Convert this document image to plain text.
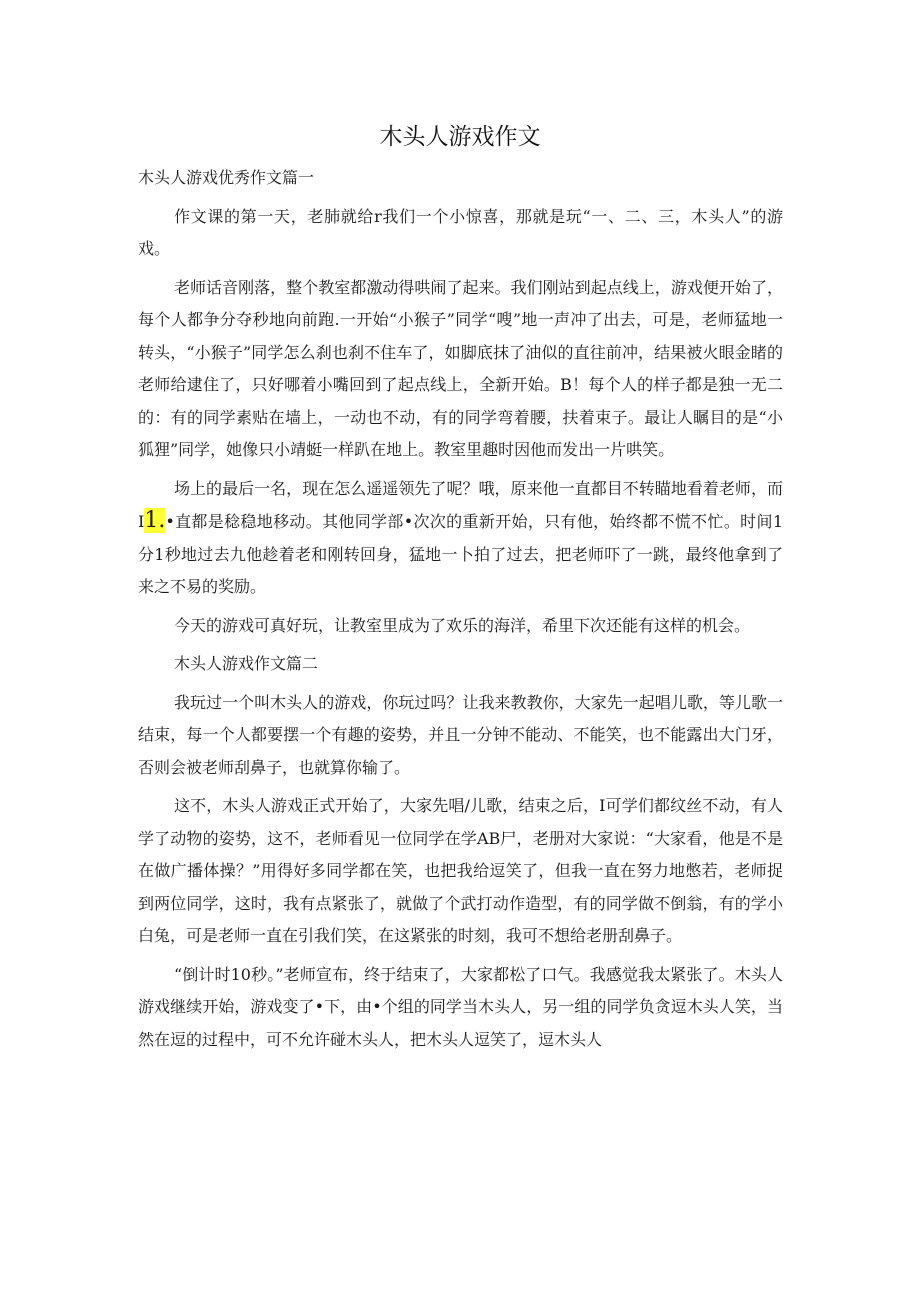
木头人游戏作文

木头人游戏优秀作文篇一

作文课的第一天，老肺就给r我们一个小惊喜，那就是玩“一、二、三，木头人”的游戏。

老师话音刚落，整个教室都激动得哄闹了起来。我们刚站到起点线上，游戏便开始了，每个人都争分夺秒地向前跑.一开始“小猴子”同学“嗖”地一声冲了出去，可是，老师猛地一转头，“小猴子”同学怎么刹也刹不住车了，如脚底抹了油似的直往前冲，结果被火眼金睹的老师给逮住了，只好哪着小嘴回到了起点线上，全新开始。B！每个人的样子都是独一无二的：有的同学素贴在墙上，一动也不动，有的同学弯着腰，扶着束子。最让人瞩目的是“小狐狸”同学，她像只小靖蜓一样趴在地上。教室里趣时因他而发出一片哄笑。

场上的最后一名，现在怎么遥遥领先了呢？哦，原来他一直都目不转瞄地看着老师，而I1.•直都是稔稳地移动。其他同学部•次次的重新开始，只有他，始终都不慌不忙。时间1分1秒地过去九他趁着老和刚转回身，猛地一卜拍了过去，把老师吓了一跳，最终他拿到了来之不易的奖励。

今天的游戏可真好玩，让教室里成为了欢乐的海洋，希里下次还能有这样的机会。

木头人游戏作文篇二

我玩过一个叫木头人的游戏，你玩过吗？让我来教教你，大家先一起唱儿歌，等儿歌一结束，每一个人都要摆一个有趣的姿势，并且一分钟不能动、不能笑，也不能露出大门牙，否则会被老师刮鼻子，也就算你输了。

这不，木头人游戏正式开始了，大家先唱/儿歌，结束之后，I可学们都纹丝不动，有人学了动物的姿势，这不，老师看见一位同学在学AB尸，老册对大家说：“大家看，他是不是在做广播体操？”用得好多同学都在笑，也把我给逗笑了，但我一直在努力地憋若，老师捉到两位同学，这时，我有点紧张了，就做了个武打动作造型，有的同学做不倒翁，有的学小白兔，可是老师一直在引我们笑，在这紧张的时刻，我可不想给老册刮鼻子。

“倒计时10秒。”老师宣布，终于结束了，大家都松了口气。我感觉我太紧张了。木头人游戏继续开始，游戏变了•下，由•个组的同学当木头人，另一组的同学负贪逗木头人笑，当然在逗的过程中，可不允许碰木头人，把木头人逗笑了，逗木头人
